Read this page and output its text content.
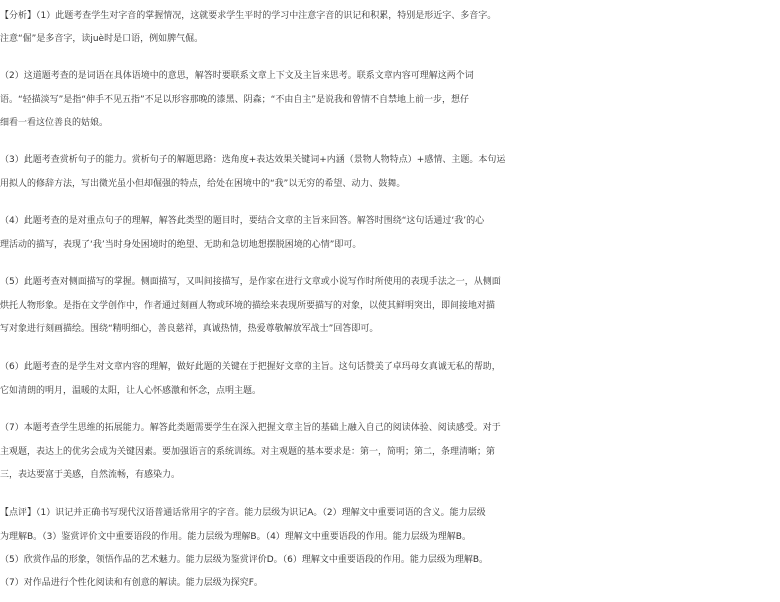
【分析】（1）此题考查学生对字音的掌握情况，这就要求学生平时的学习中注意字音的识记和积累，特别是形近字、多音字。
注意“倔”是多音字，读juè时是口语，例如脾气倔。
（2）这道题考查的是词语在具体语境中的意思，解答时要联系文章上下文及主旨来思考。联系文章内容可理解这两个词
语。“轻描淡写”是指“伸手不见五指”不足以形容那晚的漆黑、阴森；“不由自主”是说我和曾情不自禁地上前一步，想仔
细看一看这位善良的姑娘。
（3）此题考查赏析句子的能力。赏析句子的解题思路：选角度+表达效果关键词+内涵（景物人物特点）+感情、主题。本句运
用拟人的修辞方法，写出微光虽小但却倔强的特点，给处在困境中的“我”以无穷的希望、动力、鼓舞。
（4）此题考查的是对重点句子的理解，解答此类型的题目时，要结合文章的主旨来回答。解答时围绕“这句话通过‘我’的心
理活动的描写，表现了‘我’当时身处困境时的绝望、无助和急切地想摆脱困境的心情”即可。
（5）此题考查对侧面描写的掌握。侧面描写，又叫间接描写，是作家在进行文章或小说写作时所使用的表现手法之一，从侧面
烘托人物形象。是指在文学创作中，作者通过刻画人物或环境的描绘来表现所要描写的对象，以使其鲜明突出，即间接地对描
写对象进行刻画描绘。围绕“精明细心，善良慈祥，真诚热情，热爱尊敬解放军战士”回答即可。
（6）此题考查的是学生对文章内容的理解，做好此题的关键在于把握好文章的主旨。这句话赞美了卓玛母女真诚无私的帮助，
它如清朗的明月，温暖的太阳，让人心怀感激和怀念，点明主题。
（7）本题考查学生思维的拓展能力。解答此类题需要学生在深入把握文章主旨的基础上融入自己的阅读体验、阅读感受。对于
主观题，表达上的优劣会成为关键因素。要加强语言的系统训练。对主观题的基本要求是：第一，简明；第二，条理清晰；第
三，表达要富于美感，自然流畅，有感染力。
【点评】（1）识记并正确书写现代汉语普通话常用字的字音。能力层级为识记A。（2）理解文中重要词语的含义。能力层级
为理解B。（3）鉴赏评价文中重要语段的作用。能力层级为理解B。（4）理解文中重要语段的作用。能力层级为理解B。
（5）欣赏作品的形象，领悟作品的艺术魅力。能力层级为鉴赏评价D。（6）理解文中重要语段的作用。能力层级为理解B。
（7）对作品进行个性化阅读和有创意的解读。能力层级为探究F。
